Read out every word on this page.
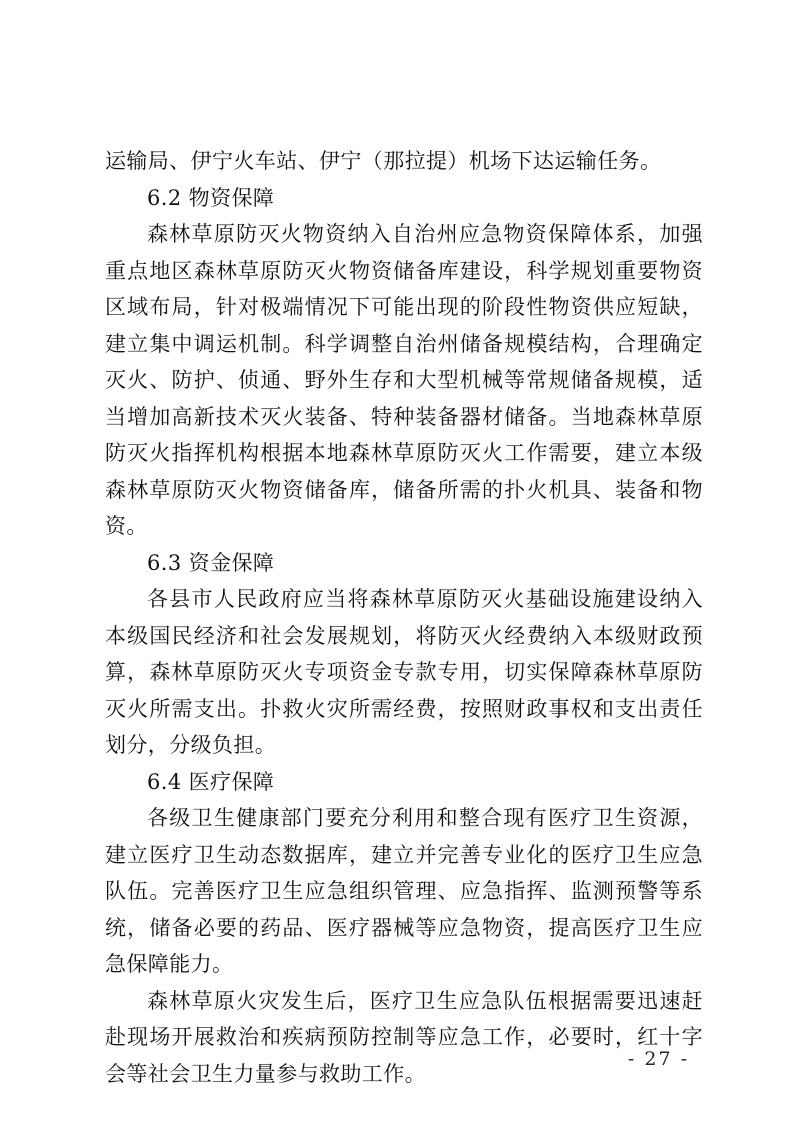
运输局、伊宁火车站、伊宁（那拉提）机场下达运输任务。

6.2 物资保障

森林草原防灭火物资纳入自治州应急物资保障体系，加强重点地区森林草原防灭火物资储备库建设，科学规划重要物资区域布局，针对极端情况下可能出现的阶段性物资供应短缺，建立集中调运机制。科学调整自治州储备规模结构，合理确定灭火、防护、侦通、野外生存和大型机械等常规储备规模，适当增加高新技术灭火装备、特种装备器材储备。当地森林草原防灭火指挥机构根据本地森林草原防灭火工作需要，建立本级森林草原防灭火物资储备库，储备所需的扑火机具、装备和物资。

6.3 资金保障

各县市人民政府应当将森林草原防灭火基础设施建设纳入本级国民经济和社会发展规划，将防灭火经费纳入本级财政预算，森林草原防灭火专项资金专款专用，切实保障森林草原防灭火所需支出。扑救火灾所需经费，按照财政事权和支出责任划分，分级负担。

6.4 医疗保障

各级卫生健康部门要充分利用和整合现有医疗卫生资源，建立医疗卫生动态数据库，建立并完善专业化的医疗卫生应急队伍。完善医疗卫生应急组织管理、应急指挥、监测预警等系统，储备必要的药品、医疗器械等应急物资，提高医疗卫生应急保障能力。

森林草原火灾发生后，医疗卫生应急队伍根据需要迅速赶赴现场开展救治和疾病预防控制等应急工作，必要时，红十字会等社会卫生力量参与救助工作。

- 27 -
